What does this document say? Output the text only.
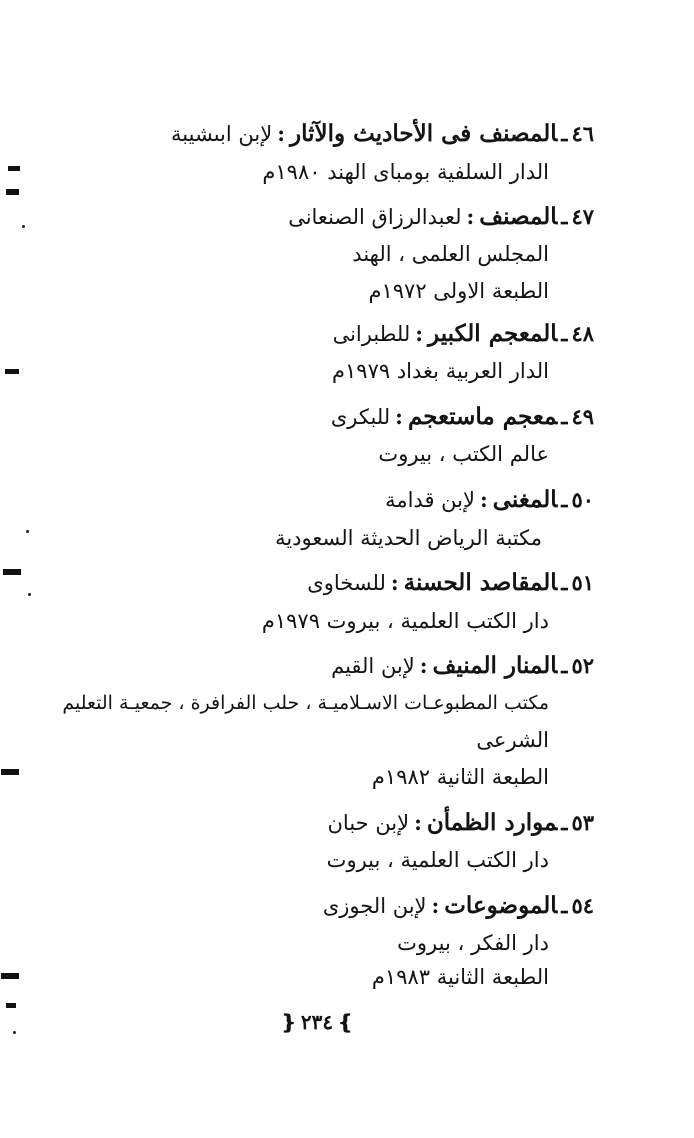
٤٦ـالمصنف فى الأحاديث والآثار:لإبن ابىشيبة
الدار السلفية بومباى الهند ١٩٨٠م
٤٧ـالمصنف:لعبدالرزاق الصنعانى
المجلس العلمى ، الهند
الطبعة الاولى ١٩٧٢م
٤٨ـالمعجم الكبير:للطبرانى
الدار العربية بغداد ١٩٧٩م
٤٩ـمعجم ماستعجم:للبكرى
عالم الكتب ، بيروت
٥٠ـالمغنى:لإبن قدامة
مكتبة الرياض الحديثة السعودية
٥١ـالمقاصد الحسنة:للسخاوى
دار الكتب العلمية ، بيروت ١٩٧٩م
٥٢ـالمنار المنيف:لإبن القيم
مكتب المطبوعـات الاسـلاميـة ، حلب الفرافرة ، جمعيـة التعليم
الشرعى
الطبعة الثانية ١٩٨٢م
٥٣ـموارد الظمأن:لإبن حبان
دار الكتب العلمية ، بيروت
٥٤ـالموضوعات:لإبن الجوزى
دار الفكر ، بيروت
الطبعة الثانية ١٩٨٣م
❵٢٣٤❴
